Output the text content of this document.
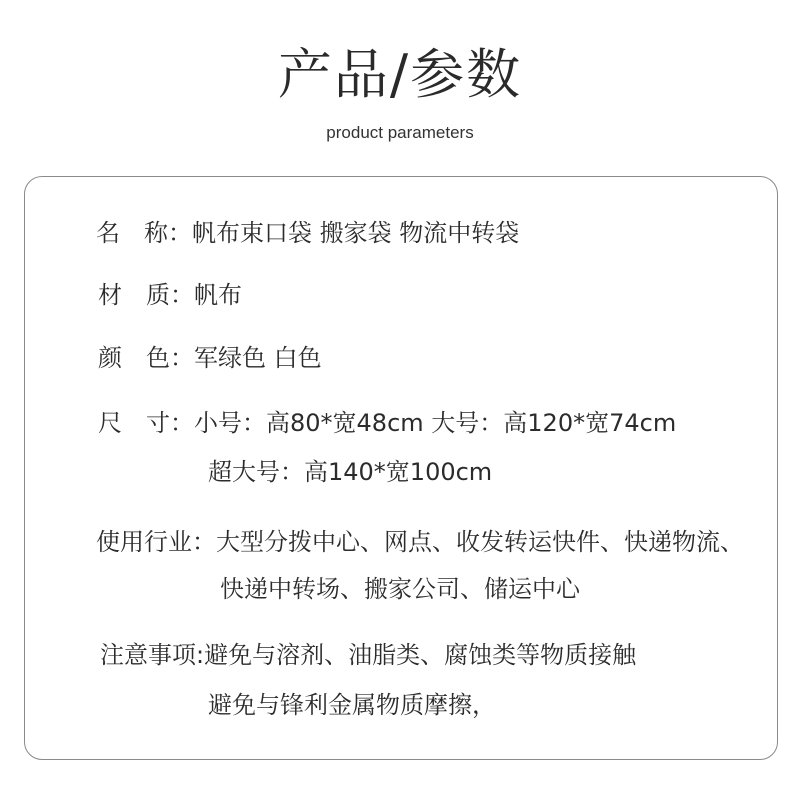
产品/参数
product parameters
名　称：帆布束口袋 搬家袋 物流中转袋
材　质：帆布
颜　色：军绿色 白色
尺　寸：小号：高80*宽48cm 大号：高120*宽74cm
超大号：高140*宽100cm
使用行业：大型分拨中心、网点、收发转运快件、快递物流、
快递中转场、搬家公司、储运中心
注意事项:避免与溶剂、油脂类、腐蚀类等物质接触
避免与锋利金属物质摩擦，
